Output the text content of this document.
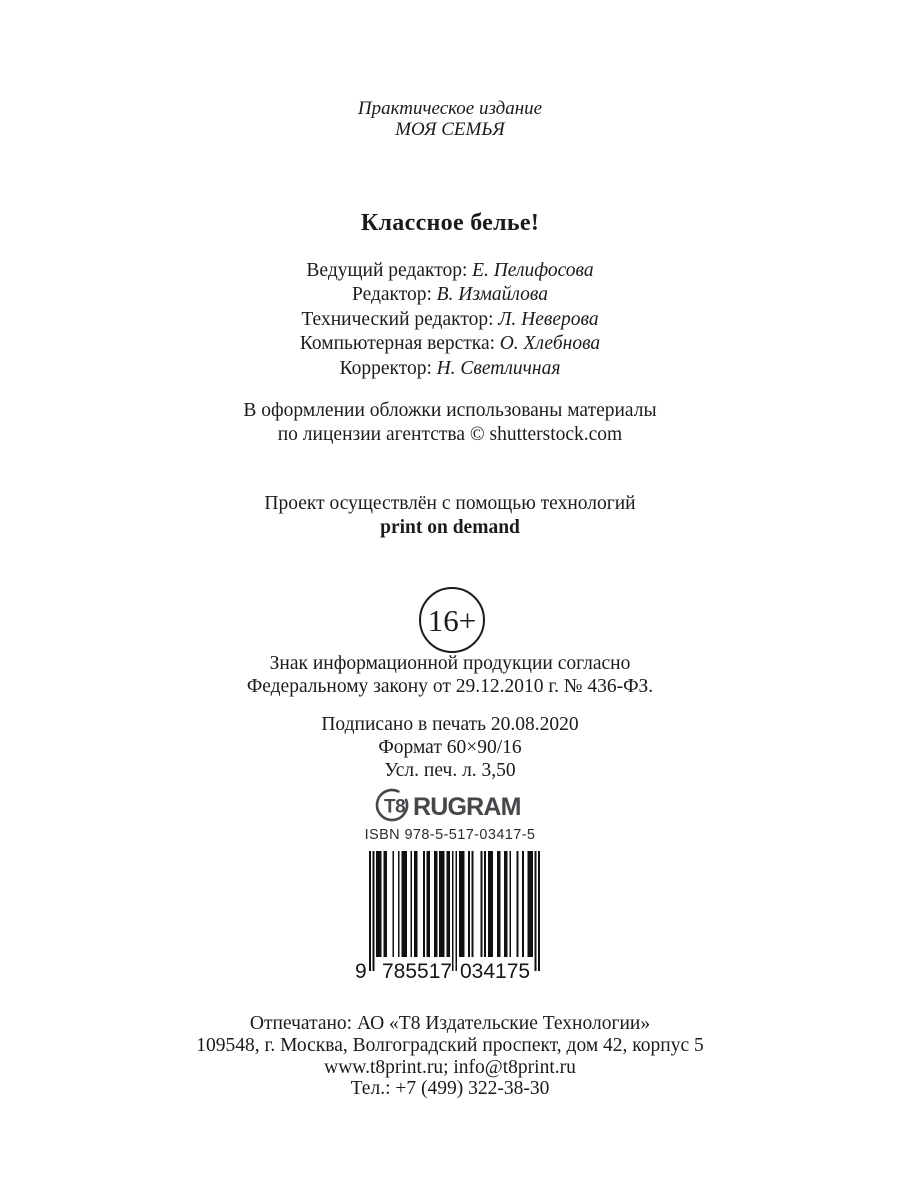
Практическое издание
МОЯ СЕМЬЯ
Классное белье!
Ведущий редактор: Е. Пелифосова
Редактор: В. Измайлова
Технический редактор: Л. Неверова
Компьютерная верстка: О. Хлебнова
Корректор: Н. Светличная
В оформлении обложки использованы материалы
по лицензии агентства © shutterstock.com
Проект осуществлён с помощью технологий
print on demand
16+
Знак информационной продукции согласно
Федеральному закону от 29.12.2010 г. № 436-ФЗ.
Подписано в печать 20.08.2020
Формат 60×90/16
Усл. печ. л. 3,50
Т8 RUGRAM
ISBN 978-5-517-03417-5
9 785517 034175
Отпечатано: АО «Т8 Издательские Технологии»
109548, г. Москва, Волгоградский проспект, дом 42, корпус 5
www.t8print.ru; info@t8print.ru
Тел.: +7 (499) 322-38-30
